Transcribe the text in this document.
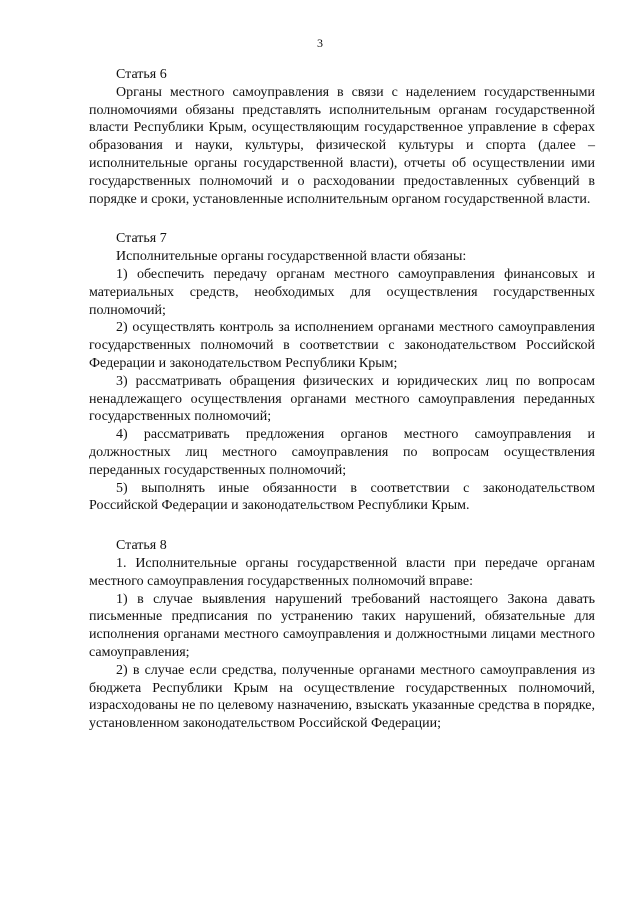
3

Статья 6

Органы местного самоуправления в связи с наделением государственными полномочиями обязаны представлять исполнительным органам государственной власти Республики Крым, осуществляющим государственное управление в сферах образования и науки, культуры, физической культуры и спорта (далее – исполнительные органы государственной власти), отчеты об осуществлении ими государственных полномочий и о расходовании предоставленных субвенций в порядке и сроки, установленные исполнительным органом государственной власти.

Статья 7

Исполнительные органы государственной власти обязаны:

1) обеспечить передачу органам местного самоуправления финансовых и материальных средств, необходимых для осуществления государственных полномочий;

2) осуществлять контроль за исполнением органами местного самоуправления государственных полномочий в соответствии с законодательством Российской Федерации и законодательством Республики Крым;

3) рассматривать обращения физических и юридических лиц по вопросам ненадлежащего осуществления органами местного самоуправления переданных государственных полномочий;

4) рассматривать предложения органов местного самоуправления и должностных лиц местного самоуправления по вопросам осуществления переданных государственных полномочий;

5) выполнять иные обязанности в соответствии с законодательством Российской Федерации и законодательством Республики Крым.

Статья 8

1. Исполнительные органы государственной власти при передаче органам местного самоуправления государственных полномочий вправе:

1) в случае выявления нарушений требований настоящего Закона давать письменные предписания по устранению таких нарушений, обязательные для исполнения органами местного самоуправления и должностными лицами местного самоуправления;

2) в случае если средства, полученные органами местного самоуправления из бюджета Республики Крым на осуществление государственных полномочий, израсходованы не по целевому назначению, взыскать указанные средства в порядке, установленном законодательством Российской Федерации;
